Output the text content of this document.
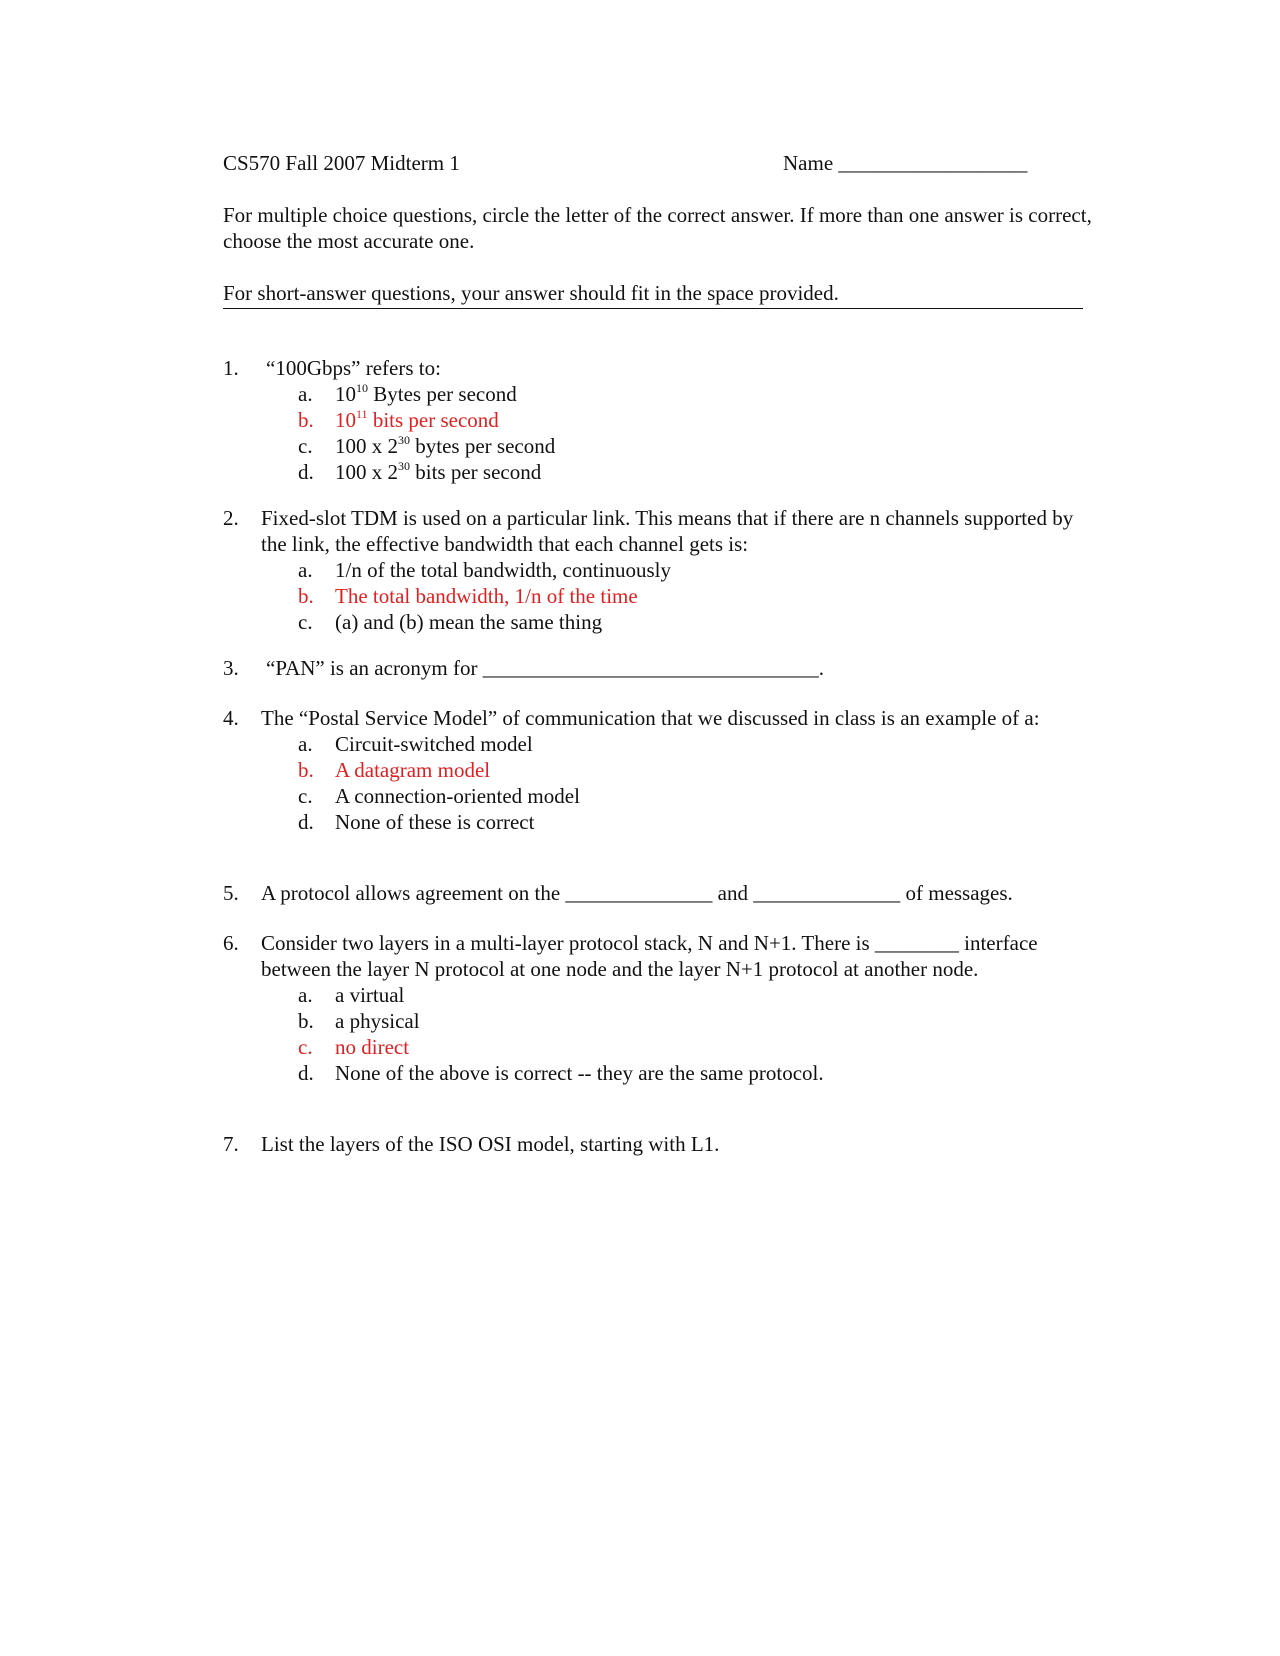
CS570 Fall 2007 Midterm 1	Name __________________
For multiple choice questions, circle the letter of the correct answer. If more than one answer is correct, choose the most accurate one.
For short-answer questions, your answer should fit in the space provided.
1. “100Gbps” refers to:
a. $10^{10}$ Bytes per second
b. $10^{11}$ bits per second
c. 100 x $2^{30}$ bytes per second
d. 100 x $2^{30}$ bits per second
2. Fixed-slot TDM is used on a particular link. This means that if there are n channels supported by the link, the effective bandwidth that each channel gets is:
a. 1/n of the total bandwidth, continuously
b. The total bandwidth, 1/n of the time
c. (a) and (b) mean the same thing
3. “PAN” is an acronym for ________________________________.
4. The “Postal Service Model” of communication that we discussed in class is an example of a:
a. Circuit-switched model
b. A datagram model
c. A connection-oriented model
d. None of these is correct
5. A protocol allows agreement on the ______________ and ______________ of messages.
6. Consider two layers in a multi-layer protocol stack, N and N+1. There is ________ interface between the layer N protocol at one node and the layer N+1 protocol at another node.
a. a virtual
b. a physical
c. no direct
d. None of the above is correct -- they are the same protocol.
7. List the layers of the ISO OSI model, starting with L1.
